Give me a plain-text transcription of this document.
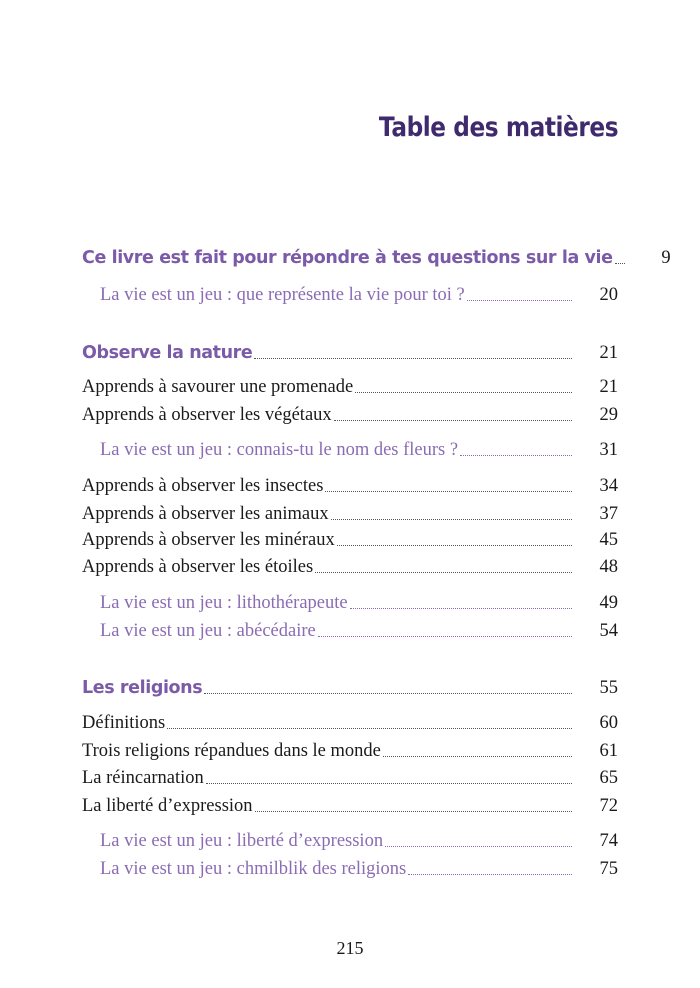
Table des matières
Ce livre est fait pour répondre à tes questions sur la vie	9
La vie est un jeu : que représente la vie pour toi ?	20
Observe la nature	21
Apprends à savourer une promenade	21
Apprends à observer les végétaux	29
La vie est un jeu : connais-tu le nom des fleurs ?	31
Apprends à observer les insectes	34
Apprends à observer les animaux	37
Apprends à observer les minéraux	45
Apprends à observer les étoiles	48
La vie est un jeu : lithothérapeute	49
La vie est un jeu : abécédaire	54
Les religions	55
Définitions	60
Trois religions répandues dans le monde	61
La réincarnation	65
La liberté d’expression	72
La vie est un jeu : liberté d’expression	74
La vie est un jeu : chmilblik des religions	75
215
